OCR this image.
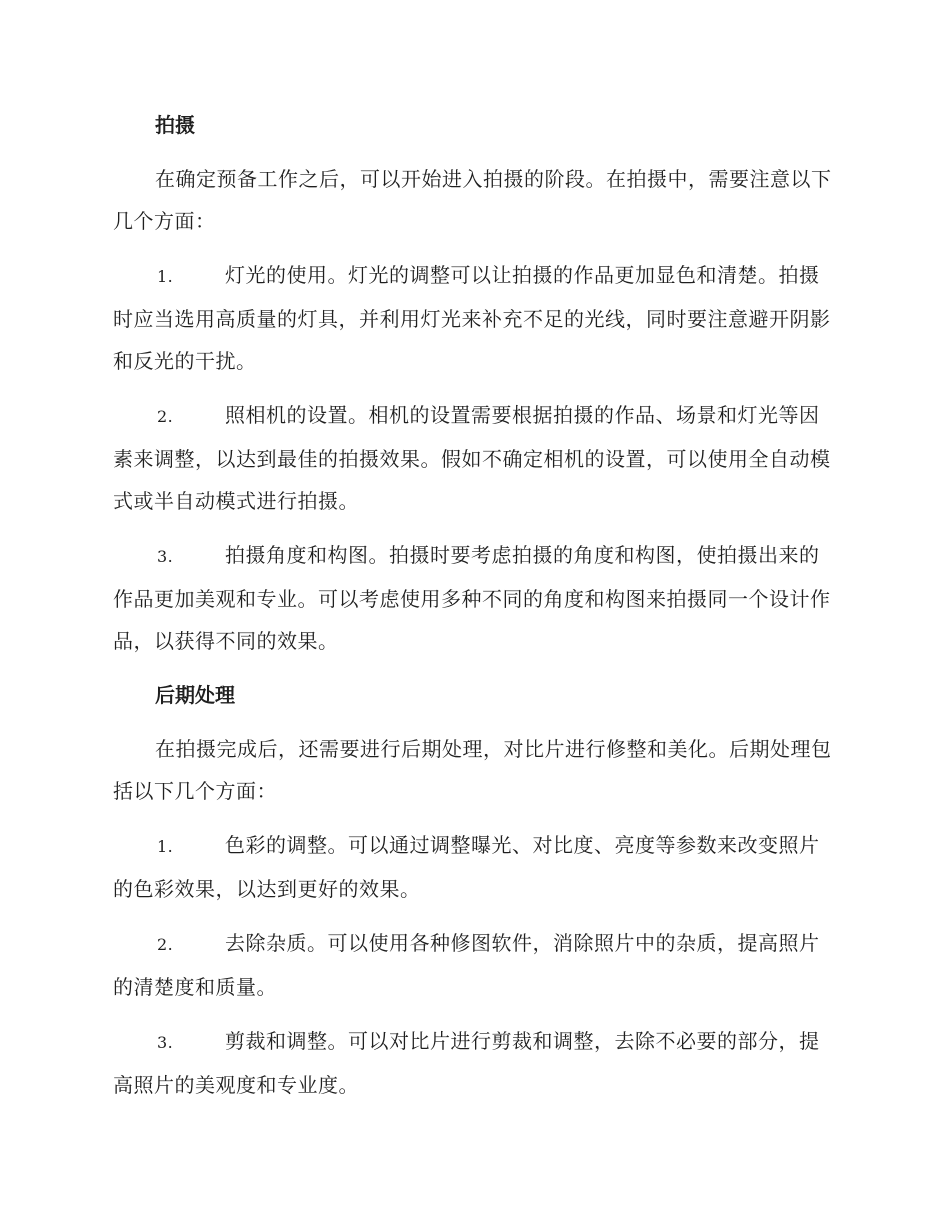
拍摄
在确定预备工作之后，可以开始进入拍摄的阶段。在拍摄中，需要注意以下几个方面：
1.	灯光的使用。灯光的调整可以让拍摄的作品更加显色和清楚。拍摄时应当选用高质量的灯具，并利用灯光来补充不足的光线，同时要注意避开阴影和反光的干扰。
2.	照相机的设置。相机的设置需要根据拍摄的作品、场景和灯光等因素来调整，以达到最佳的拍摄效果。假如不确定相机的设置，可以使用全自动模式或半自动模式进行拍摄。
3.	拍摄角度和构图。拍摄时要考虑拍摄的角度和构图，使拍摄出来的作品更加美观和专业。可以考虑使用多种不同的角度和构图来拍摄同一个设计作品，以获得不同的效果。
后期处理
在拍摄完成后，还需要进行后期处理，对比片进行修整和美化。后期处理包括以下几个方面：
1.	色彩的调整。可以通过调整曝光、对比度、亮度等参数来改变照片的色彩效果，以达到更好的效果。
2.	去除杂质。可以使用各种修图软件，消除照片中的杂质，提高照片的清楚度和质量。
3.	剪裁和调整。可以对比片进行剪裁和调整，去除不必要的部分，提高照片的美观度和专业度。
